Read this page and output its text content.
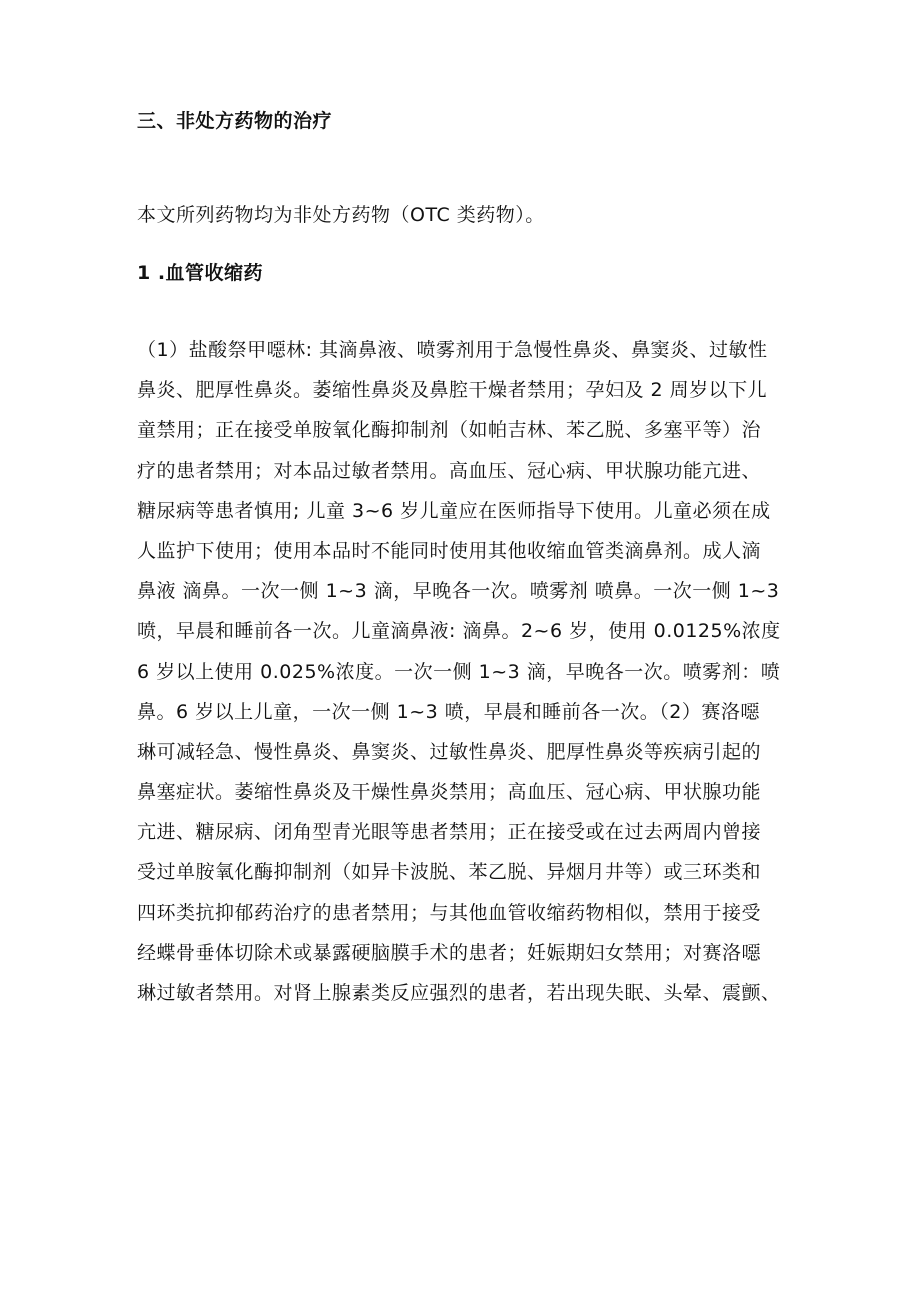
三、非处方药物的治疗
本文所列药物均为非处方药物（OTC 类药物）。
1 .血管收缩药
（1）盐酸祭甲噁林: 其滴鼻液、喷雾剂用于急慢性鼻炎、鼻窦炎、过敏性
鼻炎、肥厚性鼻炎。萎缩性鼻炎及鼻腔干燥者禁用；孕妇及 2 周岁以下儿
童禁用；正在接受单胺氧化酶抑制剂（如帕吉林、苯乙脱、多塞平等）治
疗的患者禁用；对本品过敏者禁用。高血压、冠心病、甲状腺功能亢进、
糖尿病等患者慎用; 儿童 3~6 岁儿童应在医师指导下使用。儿童必须在成
人监护下使用；使用本品时不能同时使用其他收缩血管类滴鼻剂。成人滴
鼻液 滴鼻。一次一侧 1~3 滴，早晚各一次。喷雾剂 喷鼻。一次一侧 1~3
喷，早晨和睡前各一次。儿童滴鼻液: 滴鼻。2~6 岁，使用 0.0125%浓度
6 岁以上使用 0.025%浓度。一次一侧 1~3 滴，早晚各一次。喷雾剂：喷
鼻。6 岁以上儿童，一次一侧 1~3 喷，早晨和睡前各一次。（2）赛洛噁
琳可减轻急、慢性鼻炎、鼻窦炎、过敏性鼻炎、肥厚性鼻炎等疾病引起的
鼻塞症状。萎缩性鼻炎及干燥性鼻炎禁用；高血压、冠心病、甲状腺功能
亢进、糖尿病、闭角型青光眼等患者禁用；正在接受或在过去两周内曾接
受过单胺氧化酶抑制剂（如异卡波脱、苯乙脱、异烟月井等）或三环类和
四环类抗抑郁药治疗的患者禁用；与其他血管收缩药物相似，禁用于接受
经蝶骨垂体切除术或暴露硬脑膜手术的患者；妊娠期妇女禁用；对赛洛噁
琳过敏者禁用。对肾上腺素类反应强烈的患者，若出现失眠、头晕、震颤、
